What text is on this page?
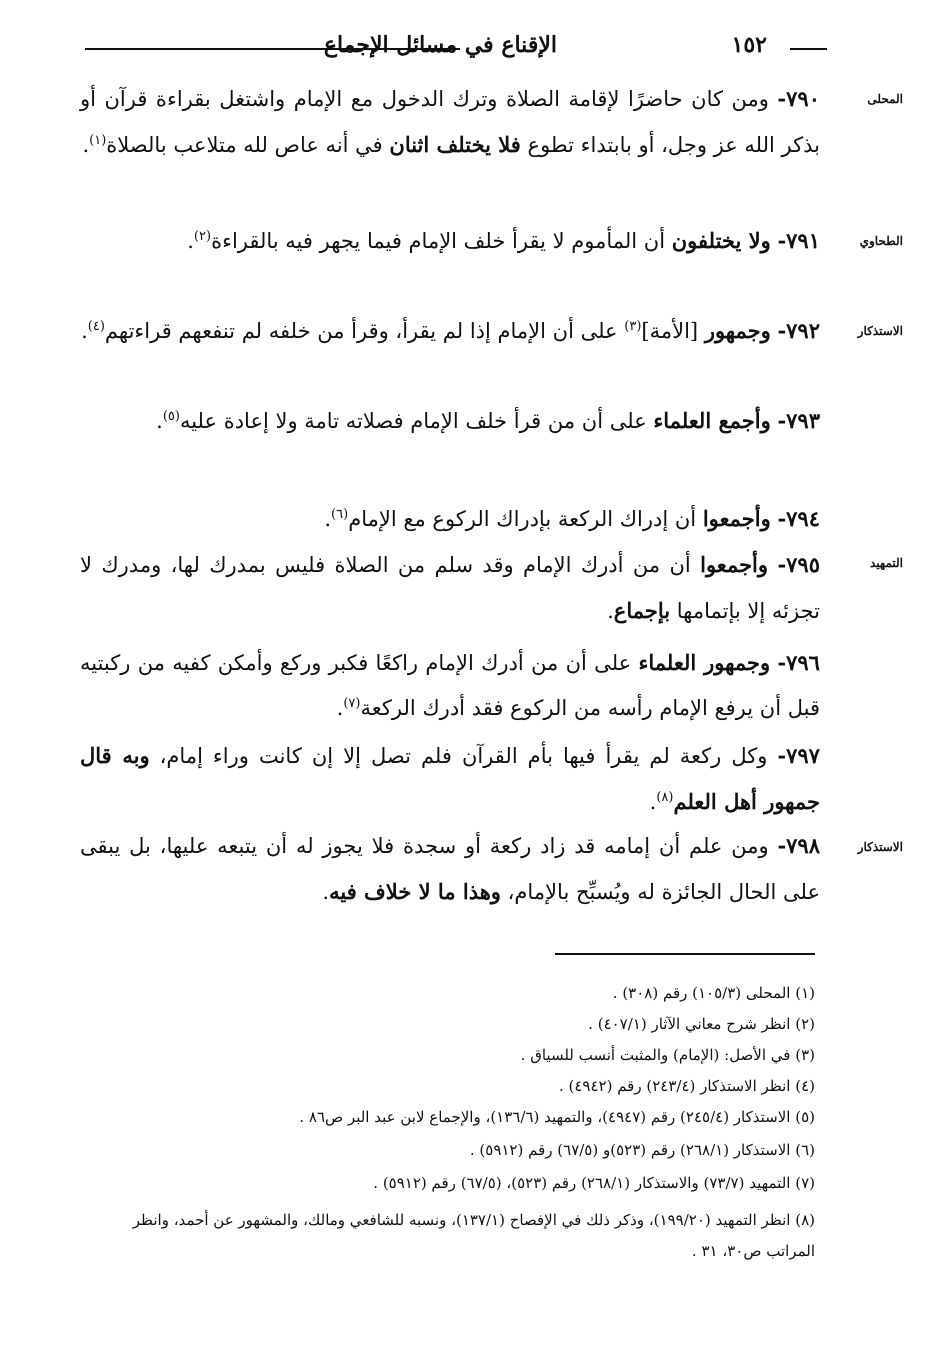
الإقناع في مسائل الإجماع	١٥٢
المحلى
٧٩٠- ومن كان حاضرًا لإقامة الصلاة وترك الدخول مع الإمام واشتغل بقراءة قرآن أو بذكر الله عز وجل، أو بابتداء تطوع فلا يختلف اثنان في أنه عاص لله متلاعب بالصلاة$^{(١)}$.
الطحاوي
٧٩١- ولا يختلفون أن المأموم لا يقرأ خلف الإمام فيما يجهر فيه بالقراءة$^{(٢)}$.
الاستذكار
٧٩٢- وجمهور [الأمة]$^{(٣)}$ على أن الإمام إذا لم يقرأ، وقرأ من خلفه لم تنفعهم قراءتهم$^{(٤)}$.
٧٩٣- وأجمع العلماء على أن من قرأ خلف الإمام فصلاته تامة ولا إعادة عليه$^{(٥)}$.
٧٩٤- وأجمعوا أن إدراك الركعة بإدراك الركوع مع الإمام$^{(٦)}$.
التمهيد
٧٩٥- وأجمعوا أن من أدرك الإمام وقد سلم من الصلاة فليس بمدرك لها، ومدرك لا تجزئه إلا بإتمامها بإجماع.
٧٩٦- وجمهور العلماء على أن من أدرك الإمام راكعًا فكبر وركع وأمكن كفيه من ركبتيه قبل أن يرفع الإمام رأسه من الركوع فقد أدرك الركعة$^{(٧)}$.
٧٩٧- وكل ركعة لم يقرأ فيها بأم القرآن فلم تصل إلا إن كانت وراء إمام، وبه قال جمهور أهل العلم$^{(٨)}$.
الاستذكار
٧٩٨- ومن علم أن إمامه قد زاد ركعة أو سجدة فلا يجوز له أن يتبعه عليها، بل يبقى على الحال الجائزة له ويُسبِّح بالإمام، وهذا ما لا خلاف فيه.
(١) المحلى (١٠٥/٣) رقم (٣٠٨) .
(٢) انظر شرح معاني الآثار (٤٠٧/١) .
(٣) في الأصل: (الإمام) والمثبت أنسب للسياق .
(٤) انظر الاستذكار (٢٤٣/٤) رقم (٤٩٤٢) .
(٥) الاستذكار (٢٤٥/٤) رقم (٤٩٤٧)، والتمهيد (١٣٦/٦)، والإجماع لابن عبد البر ص٨٦ .
(٦) الاستذكار (٢٦٨/١) رقم (٥٢٣)و (٦٧/٥) رقم (٥٩١٢) .
(٧) التمهيد (٧٣/٧) والاستذكار (٢٦٨/١) رقم (٥٢٣)، (٦٧/٥) رقم (٥٩١٢) .
(٨) انظر التمهيد (١٩٩/٢٠)، وذكر ذلك في الإفصاح (١٣٧/١)، ونسبه للشافعي ومالك، والمشهور عن أحمد، وانظر المراتب ص٣٠، ٣١ .
